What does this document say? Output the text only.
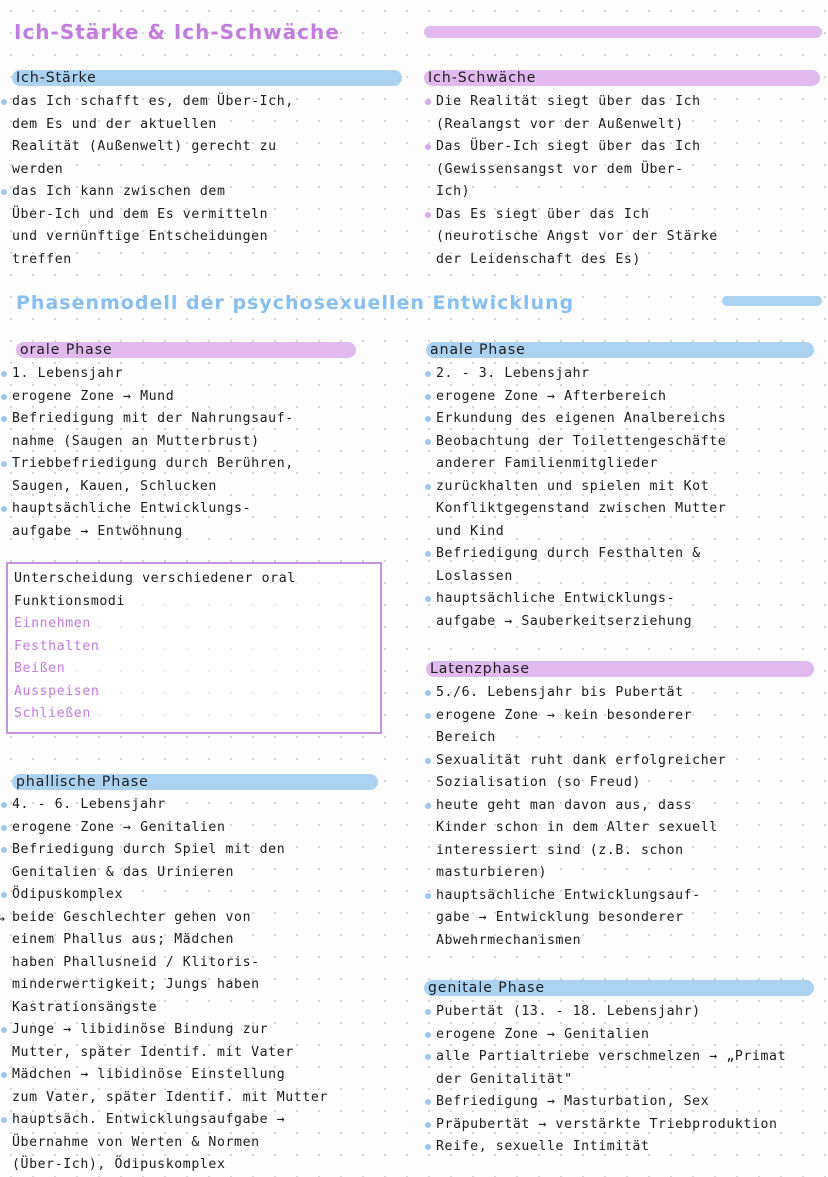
Ich-Stärke & Ich-Schwäche
Ich-Stärke
das Ich schafft es, dem Über-Ich,
dem Es und der aktuellen
Realität (Außenwelt) gerecht zu
werden
das Ich kann zwischen dem
Über-Ich und dem Es vermitteln
und vernünftige Entscheidungen
treffen
Ich-Schwäche
Die Realität siegt über das Ich
(Realangst vor der Außenwelt)
Das Über-Ich siegt über das Ich
(Gewissensangst vor dem Über-
Ich)
Das Es siegt über das Ich
(neurotische Angst vor der Stärke
der Leidenschaft des Es)
Phasenmodell der psychosexuellen Entwicklung
orale Phase
1. Lebensjahr
erogene Zone → Mund
Befriedigung mit der Nahrungsauf-
nahme (Saugen an Mutterbrust)
Triebbefriedigung durch Berühren,
Saugen, Kauen, Schlucken
hauptsächliche Entwicklungs-
aufgabe → Entwöhnung
Unterscheidung verschiedener oral
Funktionsmodi
Einnehmen
Festhalten
Beißen
Ausspeisen
Schließen
anale Phase
2. - 3. Lebensjahr
erogene Zone → Afterbereich
Erkundung des eigenen Analbereichs
Beobachtung der Toilettengeschäfte
anderer Familienmitglieder
zurückhalten und spielen mit Kot
Konfliktgegenstand zwischen Mutter
und Kind
Befriedigung durch Festhalten &
Loslassen
hauptsächliche Entwicklungs-
aufgabe → Sauberkeitserziehung
Latenzphase
5./6. Lebensjahr bis Pubertät
erogene Zone → kein besonderer
Bereich
Sexualität ruht dank erfolgreicher
Sozialisation (so Freud)
heute geht man davon aus, dass
Kinder schon in dem Alter sexuell
interessiert sind (z.B. schon
masturbieren)
hauptsächliche Entwicklungsauf-
gabe → Entwicklung besonderer
Abwehrmechanismen
phallische Phase
4. - 6. Lebensjahr
erogene Zone → Genitalien
Befriedigung durch Spiel mit den
Genitalien & das Urinieren
Ödipuskomplex
↳ beide Geschlechter gehen von
einem Phallus aus; Mädchen
haben Phallusneid / Klitoris-
minderwertigkeit; Jungs haben
Kastrationsängste
Junge → libidinöse Bindung zur
Mutter, später Identif. mit Vater
Mädchen → libidinöse Einstellung
zum Vater, später Identif. mit Mutter
hauptsäch. Entwicklungsaufgabe →
Übernahme von Werten & Normen
(Über-Ich), Ödipuskomplex
genitale Phase
Pubertät (13. - 18. Lebensjahr)
erogene Zone → Genitalien
alle Partialtriebe verschmelzen → „Primat
der Genitalität"
Befriedigung → Masturbation, Sex
Präpubertät → verstärkte Triebproduktion
Reife, sexuelle Intimität
